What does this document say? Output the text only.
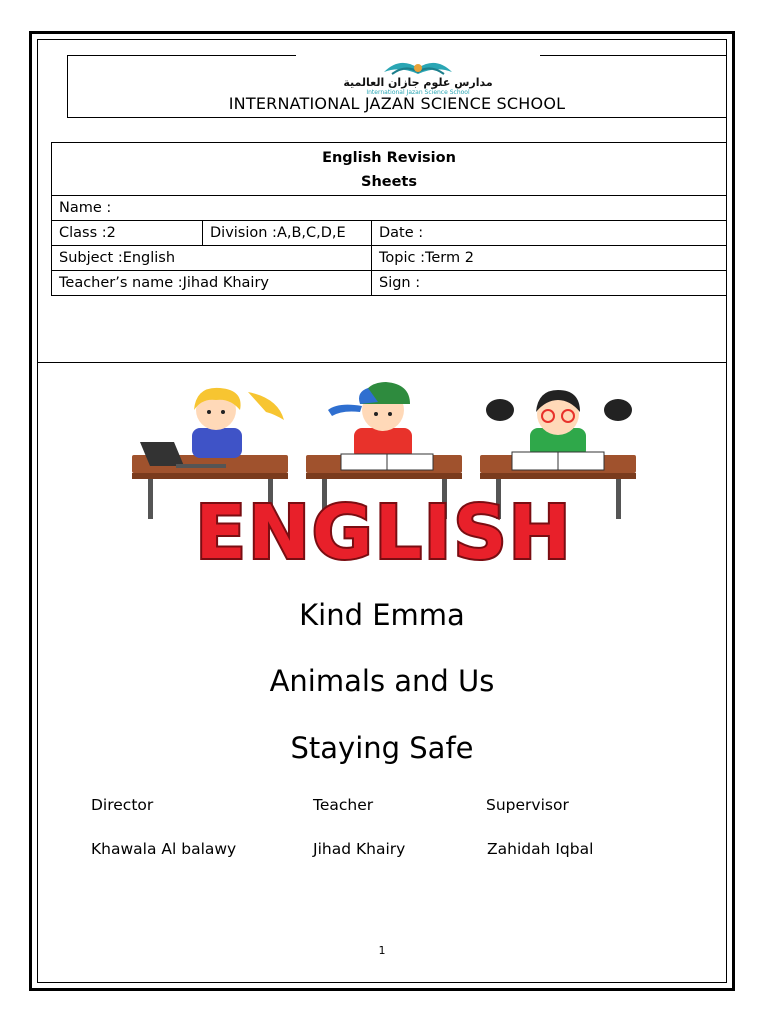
مدارس علوم جازان العالمية
International Jazan Science School
INTERNATIONAL JAZAN SCIENCE SCHOOL
English Revision
Sheets		

Name :		
Class :2	Division :A,B,C,D,E	Date :
Subject :English		Topic :Term 2
Teacher’s name :Jihad Khairy		Sign :
ENGLISH
Kind Emma
Animals and Us
Staying Safe
Director	Teacher	Supervisor
Khawala Al balawy	Jihad Khairy	Zahidah Iqbal
1
